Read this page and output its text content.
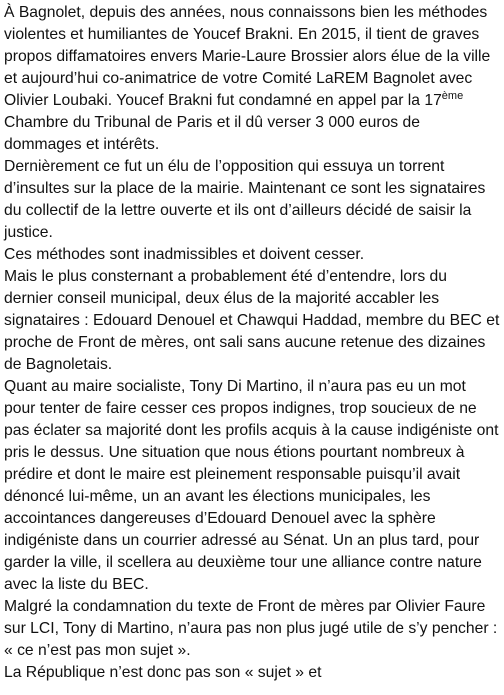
À Bagnolet, depuis des années, nous connaissons bien les méthodes violentes et humiliantes de Youcef Brakni. En 2015, il tient de graves propos diffamatoires envers Marie-Laure Brossier alors élue de la ville et aujourd’hui co-animatrice de votre Comité LaREM Bagnolet avec Olivier Loubaki. Youcef Brakni fut condamné en appel par la 17ème Chambre du Tribunal de Paris et il dû verser 3 000 euros de dommages et intérêts.

Dernièrement ce fut un élu de l’opposition qui essuya un torrent d’insultes sur la place de la mairie. Maintenant ce sont les signataires du collectif de la lettre ouverte et ils ont d’ailleurs décidé de saisir la justice.

Ces méthodes sont inadmissibles et doivent cesser.

Mais le plus consternant a probablement été d’entendre, lors du dernier conseil municipal, deux élus de la majorité accabler les signataires : Edouard Denouel et Chawqui Haddad, membre du BEC et proche de Front de mères, ont sali sans aucune retenue des dizaines de Bagnoletais.

Quant au maire socialiste, Tony Di Martino, il n’aura pas eu un mot pour tenter de faire cesser ces propos indignes, trop soucieux de ne pas éclater sa majorité dont les profils acquis à la cause indigéniste ont pris le dessus. Une situation que nous étions pourtant nombreux à prédire et dont le maire est pleinement responsable puisqu’il avait dénoncé lui-même, un an avant les élections municipales, les accointances dangereuses d’Edouard Denouel avec la sphère indigéniste dans un courrier adressé au Sénat. Un an plus tard, pour garder la ville, il scellera au deuxième tour une alliance contre nature avec la liste du BEC.

Malgré la condamnation du texte de Front de mères par Olivier Faure sur LCI, Tony di Martino, n’aura pas non plus jugé utile de s’y pencher : « ce n’est pas mon sujet ».

La République n’est donc pas son « sujet » et
